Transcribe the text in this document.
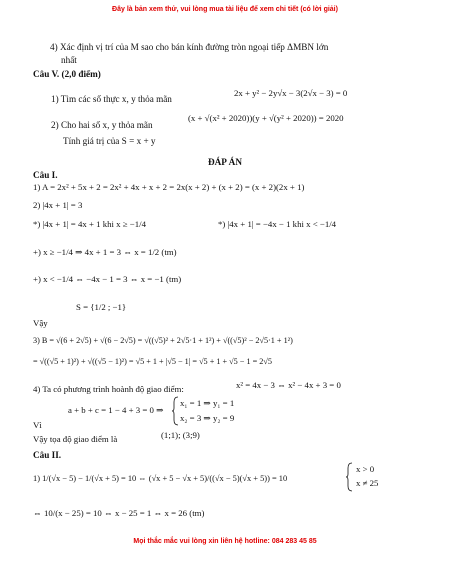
Đây là bản xem thử, vui lòng mua tài liệu để xem chi tiết (có lời giải)
4) Xác định vị trí của M sao cho bán kính đường tròn ngoại tiếp ΔMBN lớn
nhất
Câu V. (2,0 điểm)
1) Tìm các số thực x, y thỏa mãn
2x + y² − 2y√x − 3(2√x − 3) = 0
2) Cho hai số x, y thỏa mãn
(x + √(x² + 2020))(y + √(y² + 2020)) = 2020
Tính giá trị của S = x + y
ĐÁP ÁN
Câu I.
1) A = 2x² + 5x + 2 = 2x² + 4x + x + 2 = 2x(x + 2) + (x + 2) = (x + 2)(2x + 1)
2) |4x + 1| = 3
*) |4x + 1| = 4x + 1 khi x ≥ −1/4	*) |4x + 1| = −4x − 1 khi x < −1/4
+) x ≥ −1/4 ⇒ 4x + 1 = 3 ⇔ x = 1/2 (tm)
+) x < −1/4 ⇔ −4x − 1 = 3 ⇔ x = −1 (tm)
Vậy
S = {1/2 ; −1}
3) B = √(6 + 2√5) + √(6 − 2√5) = √((√5)² + 2√5·1 + 1²) + √((√5)² − 2√5·1 + 1²)
= √((√5 + 1)²) + √((√5 − 1)²) = √5 + 1 + |√5 − 1| = √5 + 1 + √5 − 1 = 2√5
4) Ta có phương trình hoành độ giao điểm:	x² = 4x − 3 ⇔ x² − 4x + 3 = 0
a + b + c = 1 − 4 + 3 = 0 ⇒
x₁ = 1 ⇒ y₁ = 1
x₂ = 3 ⇒ y₂ = 9
Vì
Vậy tọa độ giao điểm là	(1;1); (3;9)
Câu II.
1) 1/(√x − 5) − 1/(√x + 5) = 10 ⇔ (√x + 5 − √x + 5)/((√x − 5)(√x + 5)) = 10
x > 0
x ≠ 25
⇔ 10/(x − 25) = 10 ⇔ x − 25 = 1 ⇔ x = 26 (tm)
Mọi thắc mắc vui lòng xin liên hệ hotline: 084 283 45 85
